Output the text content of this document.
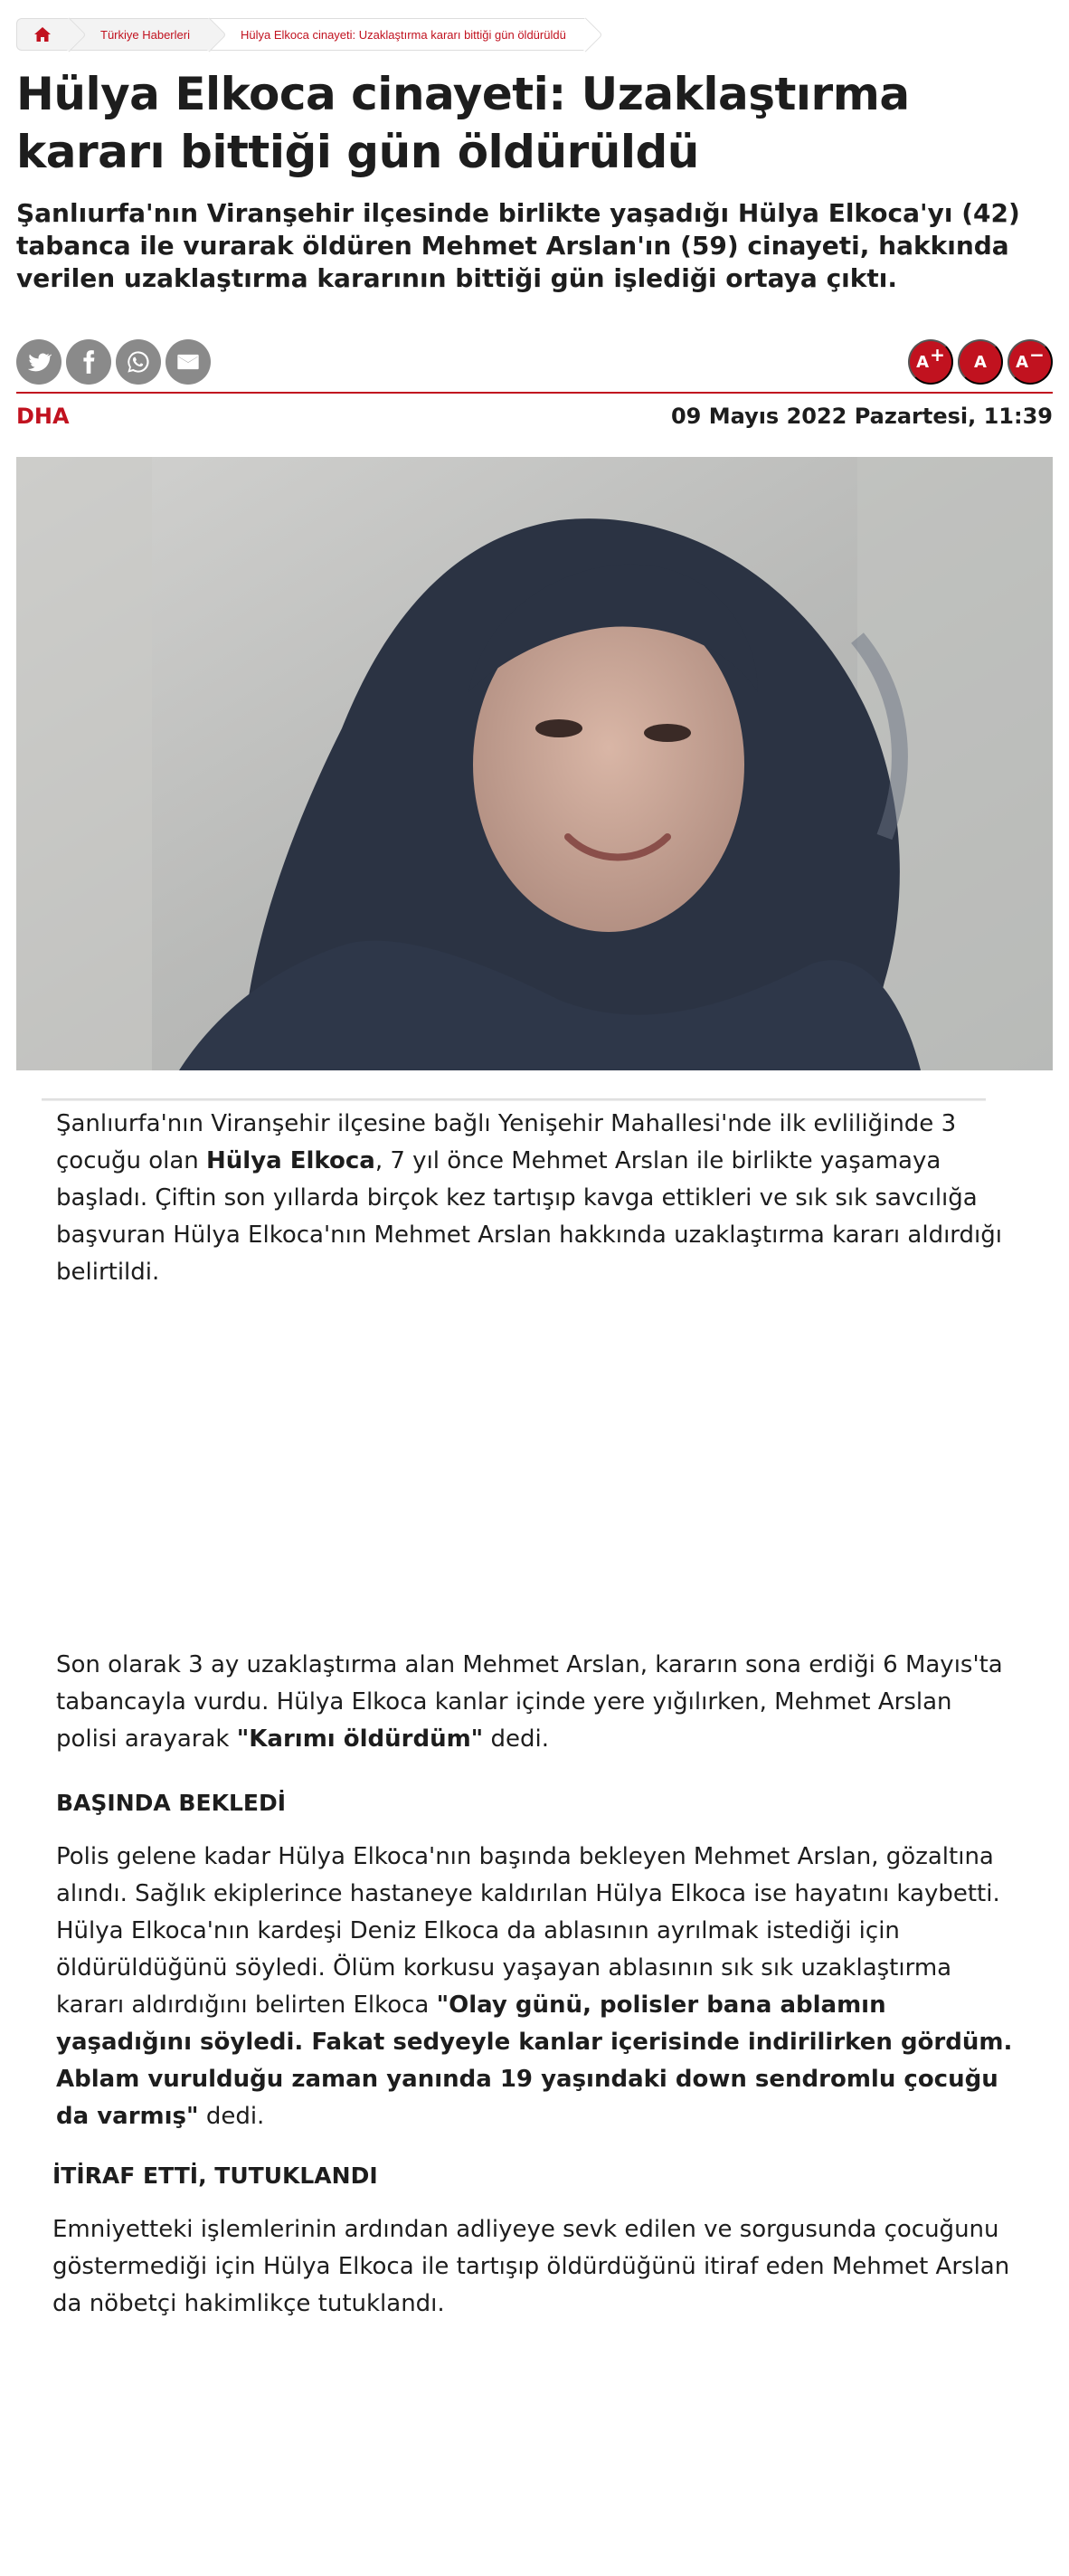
Türkiye Haberleri	Hülya Elkoca cinayeti: Uzaklaştırma kararı bittiği gün öldürüldü
Hülya Elkoca cinayeti: Uzaklaştırma kararı bittiği gün öldürüldü
Şanlıurfa'nın Viranşehir ilçesinde birlikte yaşadığı Hülya Elkoca'yı (42) tabanca ile vurarak öldüren Mehmet Arslan'ın (59) cinayeti, hakkında verilen uzaklaştırma kararının bittiği gün işlediği ortaya çıktı.
A + A A −
DHA	09 Mayıs 2022 Pazartesi, 11:39

Şanlıurfa'nın Viranşehir ilçesine bağlı Yenişehir Mahallesi'nde ilk evliliğinde 3 çocuğu olan Hülya Elkoca, 7 yıl önce Mehmet Arslan ile birlikte yaşamaya başladı. Çiftin son yıllarda birçok kez tartışıp kavga ettikleri ve sık sık savcılığa başvuran Hülya Elkoca'nın Mehmet Arslan hakkında uzaklaştırma kararı aldırdığı belirtildi.

Son olarak 3 ay uzaklaştırma alan Mehmet Arslan, kararın sona erdiği 6 Mayıs'ta tabancayla vurdu. Hülya Elkoca kanlar içinde yere yığılırken, Mehmet Arslan polisi arayarak "Karımı öldürdüm" dedi.

BAŞINDA BEKLEDİ

Polis gelene kadar Hülya Elkoca'nın başında bekleyen Mehmet Arslan, gözaltına alındı. Sağlık ekiplerince hastaneye kaldırılan Hülya Elkoca ise hayatını kaybetti. Hülya Elkoca'nın kardeşi Deniz Elkoca da ablasının ayrılmak istediği için öldürüldüğünü söyledi. Ölüm korkusu yaşayan ablasının sık sık uzaklaştırma kararı aldırdığını belirten Elkoca "Olay günü, polisler bana ablamın yaşadığını söyledi. Fakat sedyeyle kanlar içerisinde indirilirken gördüm. Ablam vurulduğu zaman yanında 19 yaşındaki down sendromlu çocuğu da varmış" dedi.

İTİRAF ETTİ, TUTUKLANDI

Emniyetteki işlemlerinin ardından adliyeye sevk edilen ve sorgusunda çocuğunu göstermediği için Hülya Elkoca ile tartışıp öldürdüğünü itiraf eden Mehmet Arslan da nöbetçi hakimlikçe tutuklandı.
